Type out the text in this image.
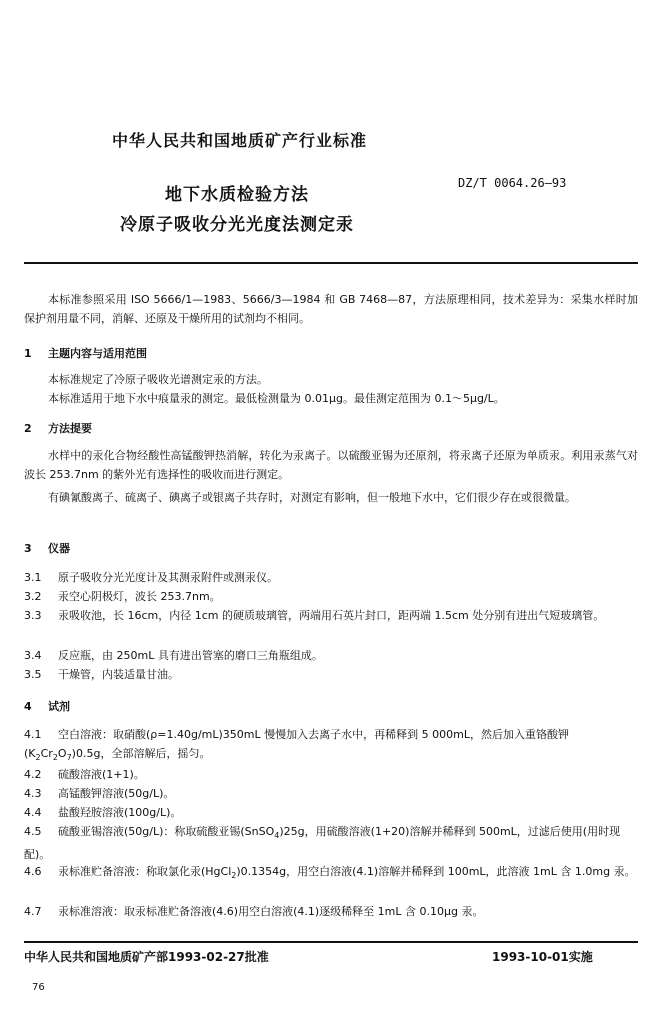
中华人民共和国地质矿产行业标准
地下水质检验方法
冷原子吸收分光光度法测定汞
DZ/T 0064.26—93
本标准参照采用 ISO 5666/1—1983、5666/3—1984 和 GB 7468—87，方法原理相同，技术差异为：采集水样时加保护剂用量不同，消解、还原及干燥所用的试剂均不相同。
1 主题内容与适用范围
本标准规定了冷原子吸收光谱测定汞的方法。
本标准适用于地下水中痕量汞的测定。最低检测量为 0.01μg。最佳测定范围为 0.1～5μg/L。
2 方法提要
水样中的汞化合物经酸性高锰酸钾热消解，转化为汞离子。以硫酸亚锡为还原剂，将汞离子还原为单质汞。利用汞蒸气对波长 253.7nm 的紫外光有选择性的吸收而进行测定。
有碘氰酸离子、硫离子、碘离子或银离子共存时，对测定有影响，但一般地下水中，它们很少存在或很微量。
3 仪器
3.1 原子吸收分光光度计及其测汞附件或测汞仪。
3.2 汞空心阴极灯，波长 253.7nm。
3.3 汞吸收池，长 16cm，内径 1cm 的硬质玻璃管，两端用石英片封口，距两端 1.5cm 处分别有进出气短玻璃管。
3.4 反应瓶，由 250mL 具有进出管塞的磨口三角瓶组成。
3.5 干燥管，内装适量甘油。
4 试剂
4.1 空白溶液：取硝酸(ρ=1.40g/mL)350mL 慢慢加入去离子水中，再稀释到 5 000mL，然后加入重铬酸钾$(K_2Cr_2O_7)0.5g$，全部溶解后，摇匀。
4.2 硫酸溶液(1+1)。
4.3 高锰酸钾溶液(50g/L)。
4.4 盐酸羟胺溶液(100g/L)。
4.5 硫酸亚锡溶液(50g/L)：称取硫酸亚锡(SnSO$_4$)25g，用硫酸溶液(1+20)溶解并稀释到 500mL，过滤后使用(用时现配)。
4.6 汞标准贮备溶液：称取氯化汞(HgCl$_2$)0.1354g，用空白溶液(4.1)溶解并稀释到 100mL，此溶液 1mL 含 1.0mg 汞。
4.7 汞标准溶液：取汞标准贮备溶液(4.6)用空白溶液(4.1)逐级稀释至 1mL 含 0.10μg 汞。
中华人民共和国地质矿产部1993-02-27批准	1993-10-01实施
76
